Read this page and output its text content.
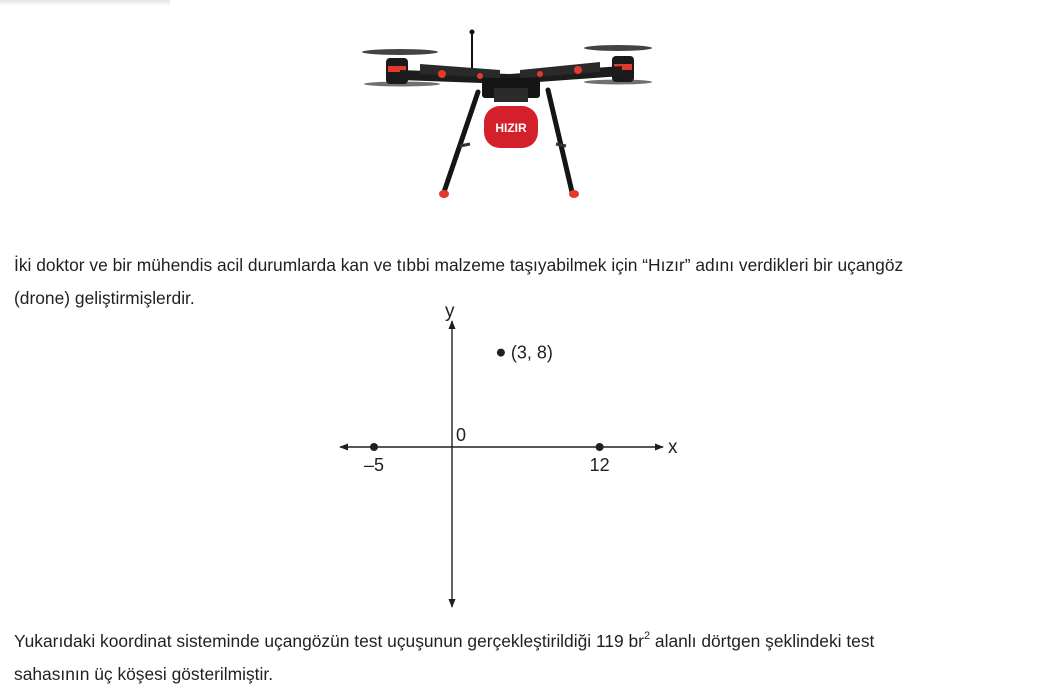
HIZIR

İki doktor ve bir mühendis acil durumlarda kan ve tıbbi malzeme taşıyabilmek için “Hızır” adını verdikleri bir uçangöz
(drone) geliştirmişlerdir.

x
y
0
(3, 8)
–5	12

Yukarıdaki koordinat sisteminde uçangözün test uçuşunun gerçekleştirildiği 119 $br^2$ alanlı dörtgen şeklindeki test
sahasının üç köşesi gösterilmiştir.
